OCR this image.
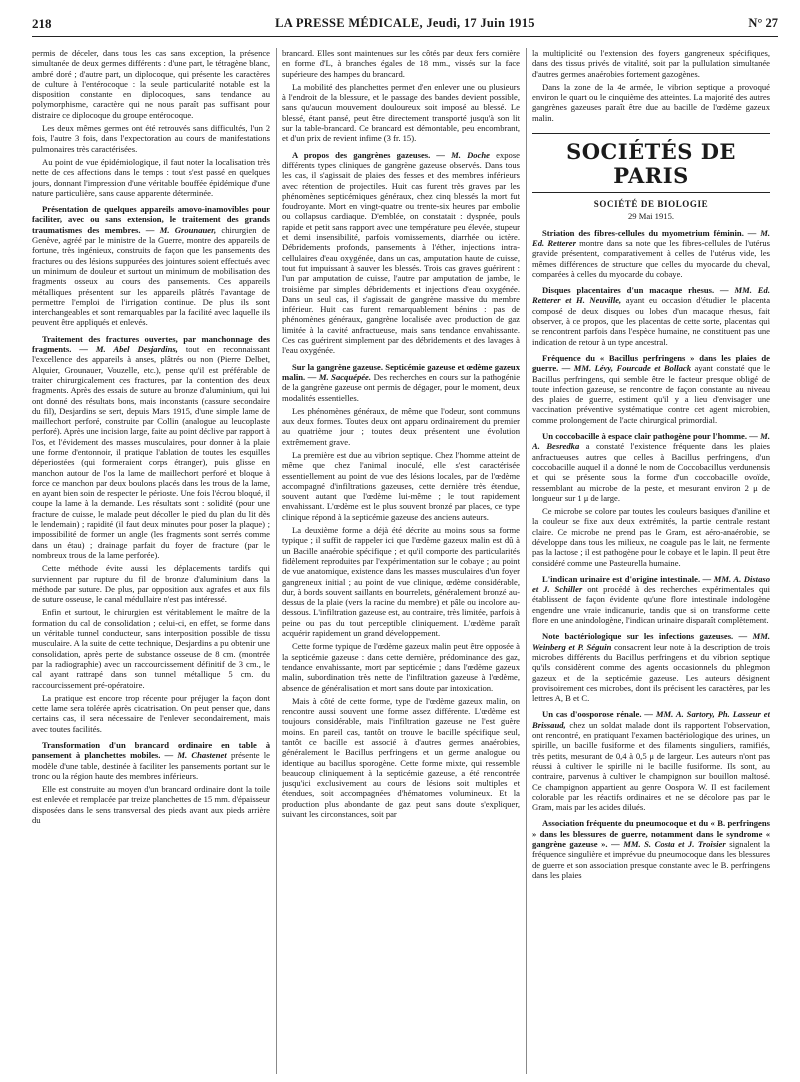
218	LA PRESSE MÉDICALE, Jeudi, 17 Juin 1915	N° 27

permis de déceler, dans tous les cas sans exception, la présence simultanée de deux germes différents : d'une part, le tétragène blanc, ambré doré ; d'autre part, un diplocoque, qui présente les caractères de culture à l'entérocoque : la seule particularité notable est la disposition constante en diplocoques, sans tendance au polymorphisme, caractère qui ne nous paraît pas suffisant pour distraire ce diplocoque du groupe entérocoque.

Les deux mêmes germes ont été retrouvés sans difficultés, l'un 2 fois, l'autre 3 fois, dans l'expectoration au cours de manifestations pulmonaires très caractérisées.

Au point de vue épidémiologique, il faut noter la localisation très nette de ces affections dans le temps : tout s'est passé en quelques jours, donnant l'impression d'une véritable bouffée épidémique d'une nature particulière, sans cause apparente déterminée.

Présentation de quelques appareils amovo-inamovibles pour faciliter, avec ou sans extension, le traitement des grands traumatismes des membres. — M. Grounauer, chirurgien de Genève, agréé par le ministre de la Guerre, montre des appareils de fortune, très ingénieux, construits de façon que les pansements des fractures ou des lésions suppurées des jointures soient effectués avec un minimum de douleur et surtout un minimum de mobilisation des fragments osseux au cours des pansements. Ces appareils métalliques présentent sur les appareils plâtrés l'avantage de permettre l'emploi de l'irrigation continue. De plus ils sont interchangeables et sont remarquables par la facilité avec laquelle ils peuvent être appliqués et enlevés.

Traitement des fractures ouvertes, par manchonnage des fragments. — M. Abel Desjardins, tout en reconnaissant l'excellence des appareils à anses, plâtrés ou non (Pierre Delbet, Alquier, Grounauer, Vouzelle, etc.), pense qu'il est préférable de traiter chirurgicalement ces fractures, par la contention des deux fragments. Après des essais de suture au bronze d'aluminium, qui lui ont donné des résultats bons, mais inconstants (cassure secondaire du fil), Desjardins se sert, depuis Mars 1915, d'une simple lame de maillechort perforé, construite par Collin (analogue au leucoplaste perforé). Après une incision large, faite au point déclive par rapport à l'os, et l'évidement des masses musculaires, pour donner à la plaie une forme d'entonnoir, il pratique l'ablation de toutes les esquilles déperiostées (qui formeraient corps étranger), puis glisse en manchon autour de l'os la lame de maillechort perforé et bloque à force ce manchon par deux boulons placés dans les trous de la lame, en ayant bien soin de respecter le périoste. Une fois l'écrou bloqué, il coupe la lame à la demande. Les résultats sont : solidité (pour une fracture de cuisse, le malade peut décoller le pied du plan du lit dès le lendemain) ; rapidité (il faut deux minutes pour poser la plaque) ; impossibilité de former un angle (les fragments sont serrés comme dans un étau) ; drainage parfait du foyer de fracture (par le nombreux trous de la lame perforée).

Cette méthode évite aussi les déplacements tardifs qui surviennent par rupture du fil de bronze d'aluminium dans la méthode par suture. De plus, par opposition aux agrafes et aux fils de suture osseuse, le canal médullaire n'est pas intéressé.

Enfin et surtout, le chirurgien est véritablement le maître de la formation du cal de consolidation ; celui-ci, en effet, se forme dans un véritable tunnel conducteur, sans interposition possible de tissu musculaire. A la suite de cette technique, Desjardins a pu obtenir une consolidation, après perte de substance osseuse de 8 cm. (montrée par la radiographie) avec un raccourcissement définitif de 3 cm., le cal ayant rattrapé dans son tunnel métallique 5 cm. du raccourcissement pré-opératoire.

La pratique est encore trop récente pour préjuger la façon dont cette lame sera tolérée après cicatrisation. On peut penser que, dans certains cas, il sera nécessaire de l'enlever secondairement, mais avec toutes facilités.

Transformation d'un brancard ordinaire en table à pansement à planchettes mobiles. — M. Chastenet présente le modèle d'une table, destinée à faciliter les pansements portant sur le tronc ou la région haute des membres inférieurs.

Elle est construite au moyen d'un brancard ordinaire dont la toile est enlevée et remplacée par treize planchettes de 15 mm. d'épaisseur disposées dans le sens transversal des pieds avant aux pieds arrière du

brancard. Elles sont maintenues sur les côtés par deux fers cornière en forme d'L, à branches égales de 18 mm., vissés sur la face supérieure des hampes du brancard.

La mobilité des planchettes permet d'en enlever une ou plusieurs à l'endroit de la blessure, et le passage des bandes devient possible, sans qu'aucun mouvement douloureux soit imposé au blessé. Le blessé, étant pansé, peut être directement transporté jusqu'à son lit sur la table-brancard. Ce brancard est démontable, peu encombrant, et d'un prix de revient infime (3 fr. 15).

A propos des gangrènes gazeuses. — M. Doche expose différents types cliniques de gangrène gazeuse observés. Dans tous les cas, il s'agissait de plaies des fesses et des membres inférieurs avec rétention de projectiles. Huit cas furent très graves par les phénomènes septicémiques généraux, chez cinq blessés la mort fut foudroyante. Mort en vingt-quatre ou trente-six heures par embolie ou collapsus cardiaque. D'emblée, on constatait : dyspnée, pouls rapide et petit sans rapport avec une température peu élevée, stupeur et demi insensibilité, parfois vomissements, diarrhée ou ictère. Débridements profonds, pansements à l'éther, injections intra-cellulaires d'eau oxygénée, dans un cas, amputation haute de cuisse, tout fut impuissant à sauver les blessés. Trois cas graves guérirent : l'un par amputation de cuisse, l'autre par amputation de jambe, le troisième par simples débridements et injections d'eau oxygénée. Dans un seul cas, il s'agissait de gangrène massive du membre inférieur. Huit cas furent remarquablement bénins : pas de phénomènes généraux, gangrène localisée avec production de gaz limitée à la cavité anfractueuse, mais sans tendance envahissante. Ces cas guérirent simplement par des débridements et des lavages à l'eau oxygénée.

Sur la gangrène gazeuse. Septicémie gazeuse et œdème gazeux malin. — M. Sacquépée. Des recherches en cours sur la pathogénie de la gangrène gazeuse ont permis de dégager, pour le moment, deux modalités essentielles.

Les phénomènes généraux, de même que l'odeur, sont communs aux deux formes. Toutes deux ont apparu ordinairement du premier au quatrième jour ; toutes deux présentent une évolution extrêmement grave.

La première est due au vibrion septique. Chez l'homme atteint de même que chez l'animal inoculé, elle s'est caractérisée essentiellement au point de vue des lésions locales, par de l'œdème accompagné d'infiltrations gazeuses, cette dernière très étendue, souvent autant que l'œdème lui-même ; le tout rapidement envahissant. L'œdème est le plus souvent bronzé par places, ce type clinique répond à la septicémie gazeuse des anciens auteurs.

La deuxième forme a déjà été décrite au moins sous sa forme typique ; il suffit de rappeler ici que l'œdème gazeux malin est dû à un Bacille anaérobie spécifique ; et qu'il comporte des particularités fidèlement reproduites par l'expérimentation sur le cobaye ; au point de vue anatomique, existence dans les masses musculaires d'un foyer gangreneux initial ; au point de vue clinique, œdème considérable, dur, à bords souvent saillants en bourrelets, généralement bronzé au-dessus de la plaie (vers la racine du membre) et pâle ou incolore au-dessous. L'infiltration gazeuse est, au contraire, très limitée, parfois à peine ou pas du tout perceptible cliniquement. L'œdème paraît acquérir rapidement un grand développement.

Cette forme typique de l'œdème gazeux malin peut être opposée à la septicémie gazeuse : dans cette dernière, prédominance des gaz, tendance envahissante, mort par septicémie ; dans l'œdème gazeux malin, subordination très nette de l'infiltration gazeuse à l'œdème, absence de généralisation et mort sans doute par intoxication.

Mais à côté de cette forme, type de l'œdème gazeux malin, on rencontre aussi souvent une forme assez différente. L'œdème est toujours considérable, mais l'infiltration gazeuse ne l'est guère moins. En pareil cas, tantôt on trouve le bacille spécifique seul, tantôt ce bacille est associé à d'autres germes anaérobies, généralement le Bacillus perfringens et un germe analogue ou identique au bacillus sporogène. Cette forme mixte, qui ressemble beaucoup cliniquement à la septicémie gazeuse, a été rencontrée jusqu'ici exclusivement au cours de lésions soit multiples et étendues, soit accompagnées d'hématomes volumineux. Et la production plus abondante de gaz peut sans doute s'expliquer, suivant les circonstances, soit par

la multiplicité ou l'extension des foyers gangreneux spécifiques, dans des tissus privés de vitalité, soit par la pullulation simultanée d'autres germes anaérobies fortement gazogènes.

Dans la zone de la 4e armée, le vibrion septique a provoqué environ le quart ou le cinquième des atteintes. La majorité des autres gangrènes gazeuses paraît être due au bacille de l'œdème gazeux malin.

SOCIÉTÉS DE PARIS
SOCIÉTÉ DE BIOLOGIE
29 Mai 1915.

Striation des fibres-cellules du myometrium féminin. — M. Ed. Retterer montre dans sa note que les fibres-cellules de l'utérus gravide présentent, comparativement à celles de l'utérus vide, les mêmes différences de structure que celles du myocarde du cheval, comparées à celles du myocarde du cobaye.

Disques placentaires d'un macaque rhesus. — MM. Ed. Retterer et H. Neuville, ayant eu occasion d'étudier le placenta composé de deux disques ou lobes d'un macaque rhesus, fait observer, à ce propos, que les placentas de cette sorte, placentas qui se rencontrent parfois dans l'espèce humaine, ne constituent pas une indication de retour à un type ancestral.

Fréquence du « Bacillus perfringens » dans les plaies de guerre. — MM. Lévy, Fourcade et Bollack ayant constaté que le Bacillus perfringens, qui semble être le facteur presque obligé de toute infection gazeuse, se rencontre de façon constante au niveau des plaies de guerre, estiment qu'il y a lieu d'envisager une vaccination préventive systématique contre cet agent microbien, comme prolongement de l'acte chirurgical primordial.

Un coccobacille à espace clair pathogène pour l'homme. — M. A. Besredka a constaté l'existence fréquente dans les plaies anfractueuses autres que celles à Bacillus perfringens, d'un coccobacille auquel il a donné le nom de Coccobacillus verdunensis et qui se présente sous la forme d'un coccobacille ovoïde, ressemblant au microbe de la peste, et mesurant environ 2 μ de longueur sur 1 μ de large.

Ce microbe se colore par toutes les couleurs basiques d'aniline et la couleur se fixe aux deux extrémités, la partie centrale restant claire. Ce microbe ne prend pas le Gram, est aéro-anaérobie, se développe dans tous les milieux, ne coagule pas le lait, ne fermente pas la lactose ; il est pathogène pour le cobaye et le lapin. Il peut être considéré comme une Pasteurella humaine.

L'indican urinaire est d'origine intestinale. — MM. A. Distaso et J. Schiller ont procédé à des recherches expérimentales qui établissent de façon évidente qu'une flore intestinale indologène engendre une vraie indicanurie, tandis que si on transforme cette flore en une anindologène, l'indican urinaire disparaît complètement.

Note bactériologique sur les infections gazeuses. — MM. Weinberg et P. Séguin consacrent leur note à la description de trois microbes différents du Bacillus perfringens et du vibrion septique qu'ils considèrent comme des agents occasionnels du phlegmon gazeux et de la septicémie gazeuse. Les auteurs désignent provisoirement ces microbes, dont ils précisent les caractères, par les lettres A, B et C.

Un cas d'oosporose rénale. — MM. A. Sartory, Ph. Lasseur et Brissaud, chez un soldat malade dont ils rapportent l'observation, ont rencontré, en pratiquant l'examen bactériologique des urines, un spirille, un bacille fusiforme et des filaments singuliers, ramifiés, très petits, mesurant de 0,4 à 0,5 μ de largeur. Les auteurs n'ont pas réussi à cultiver le spirille ni le bacille fusiforme. Ils sont, au contraire, parvenus à cultiver le champignon sur bouillon maltosé. Ce champignon appartient au genre Oospora W. Il est facilement colorable par les réactifs ordinaires et ne se décolore pas par le Gram, mais par les acides dilués.

Association fréquente du pneumocoque et du « B. perfringens » dans les blessures de guerre, notamment dans le syndrome « gangrène gazeuse ». — MM. S. Costa et J. Troisier signalent la fréquence singulière et imprévue du pneumocoque dans les blessures de guerre et son association presque constante avec le B. perfringens dans les plaies
